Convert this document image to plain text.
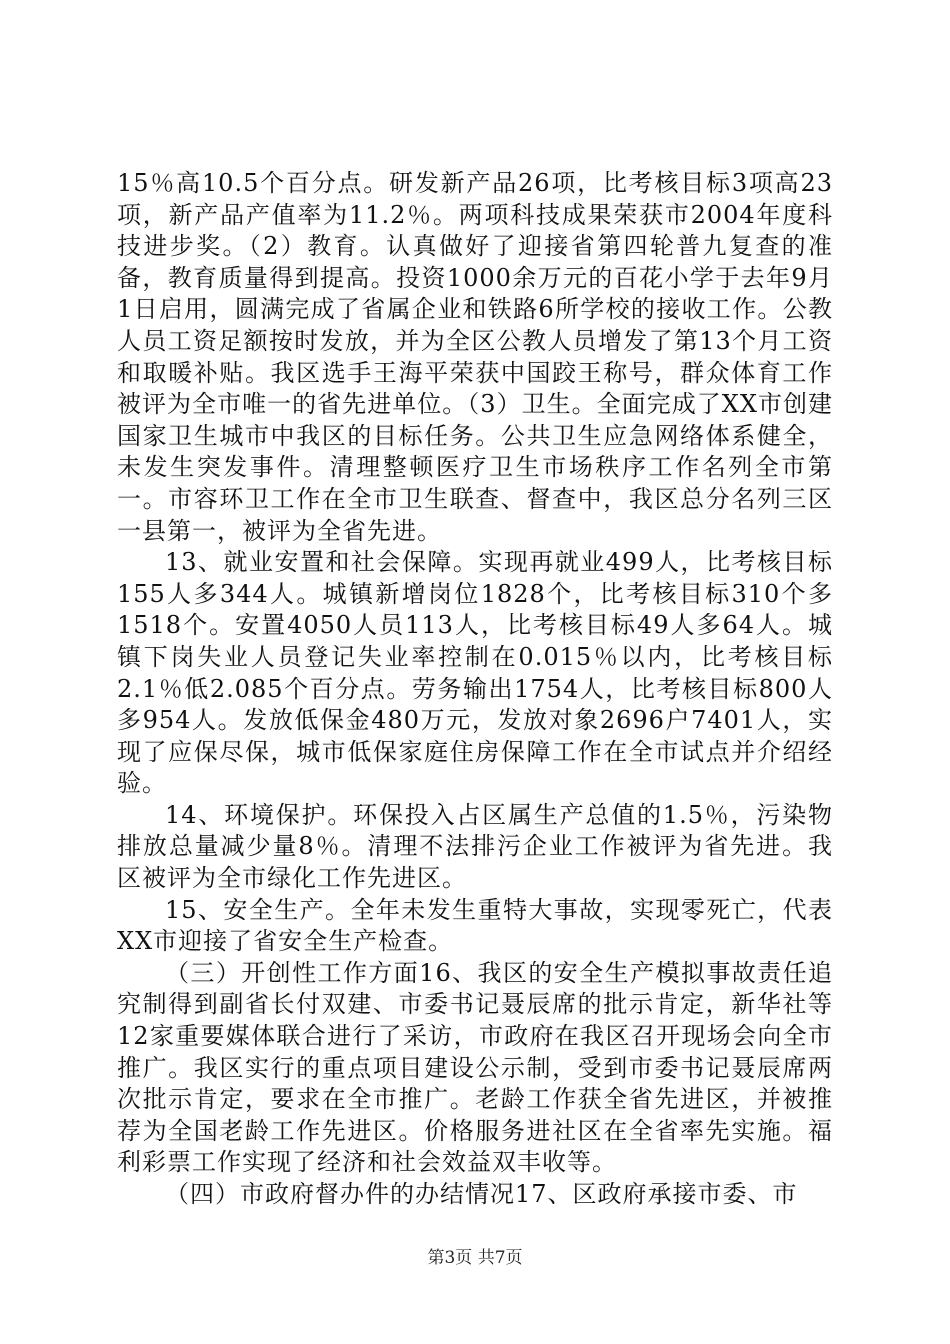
15％高10.5个百分点。研发新产品26项，比考核目标3项高23项，新产品产值率为11.2％。两项科技成果荣获市2004年度科技进步奖。（2）教育。认真做好了迎接省第四轮普九复查的准备，教育质量得到提高。投资1000余万元的百花小学于去年9月1日启用，圆满完成了省属企业和铁路6所学校的接收工作。公教人员工资足额按时发放，并为全区公教人员增发了第13个月工资和取暖补贴。我区选手王海平荣获中国跤王称号，群众体育工作被评为全市唯一的省先进单位。（3）卫生。全面完成了XX市创建国家卫生城市中我区的目标任务。公共卫生应急网络体系健全，未发生突发事件。清理整顿医疗卫生市场秩序工作名列全市第一。市容环卫工作在全市卫生联查、督查中，我区总分名列三区一县第一，被评为全省先进。

13、就业安置和社会保障。实现再就业499人，比考核目标155人多344人。城镇新增岗位1828个，比考核目标310个多1518个。安置4050人员113人，比考核目标49人多64人。城镇下岗失业人员登记失业率控制在0.015％以内，比考核目标2.1％低2.085个百分点。劳务输出1754人，比考核目标800人多954人。发放低保金480万元，发放对象2696户7401人，实现了应保尽保，城市低保家庭住房保障工作在全市试点并介绍经验。

14、环境保护。环保投入占区属生产总值的1.5％，污染物排放总量减少量8％。清理不法排污企业工作被评为省先进。我区被评为全市绿化工作先进区。

15、安全生产。全年未发生重特大事故，实现零死亡，代表XX市迎接了省安全生产检查。

（三）开创性工作方面16、我区的安全生产模拟事故责任追究制得到副省长付双建、市委书记聂辰席的批示肯定，新华社等12家重要媒体联合进行了采访，市政府在我区召开现场会向全市推广。我区实行的重点项目建设公示制，受到市委书记聂辰席两次批示肯定，要求在全市推广。老龄工作获全省先进区，并被推荐为全国老龄工作先进区。价格服务进社区在全省率先实施。福利彩票工作实现了经济和社会效益双丰收等。

（四）市政府督办件的办结情况17、区政府承接市委、市

第3页 共7页
